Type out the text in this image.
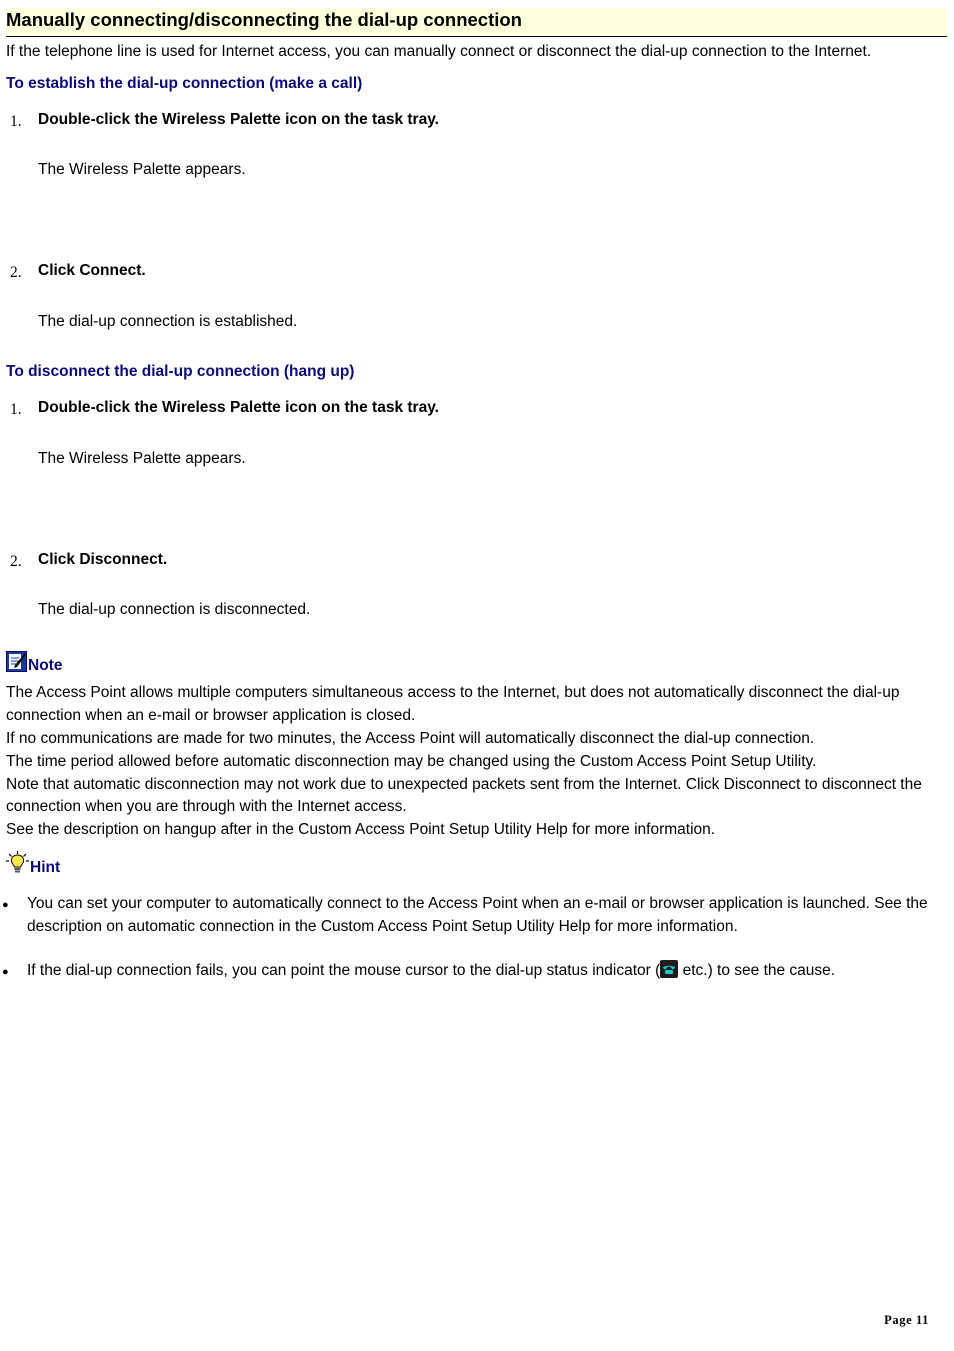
Manually connecting/disconnecting the dial-up connection
If the telephone line is used for Internet access, you can manually connect or disconnect the dial-up connection to the Internet.
To establish the dial-up connection (make a call)
1. Double-click the Wireless Palette icon on the task tray.
The Wireless Palette appears.
2. Click Connect.
The dial-up connection is established.
To disconnect the dial-up connection (hang up)
1. Double-click the Wireless Palette icon on the task tray.
The Wireless Palette appears.
2. Click Disconnect.
The dial-up connection is disconnected.
Note
The Access Point allows multiple computers simultaneous access to the Internet, but does not automatically disconnect the dial-up
connection when an e-mail or browser application is closed.
If no communications are made for two minutes, the Access Point will automatically disconnect the dial-up connection.
The time period allowed before automatic disconnection may be changed using the Custom Access Point Setup Utility.
Note that automatic disconnection may not work due to unexpected packets sent from the Internet. Click Disconnect to disconnect the
connection when you are through with the Internet access.
See the description on hangup after in the Custom Access Point Setup Utility Help for more information.
Hint
● You can set your computer to automatically connect to the Access Point when an e-mail or browser application is launched. See the description on automatic connection in the Custom Access Point Setup Utility Help for more information.
● If the dial-up connection fails, you can point the mouse cursor to the dial-up status indicator (
etc.) to see the cause.
Page 11
